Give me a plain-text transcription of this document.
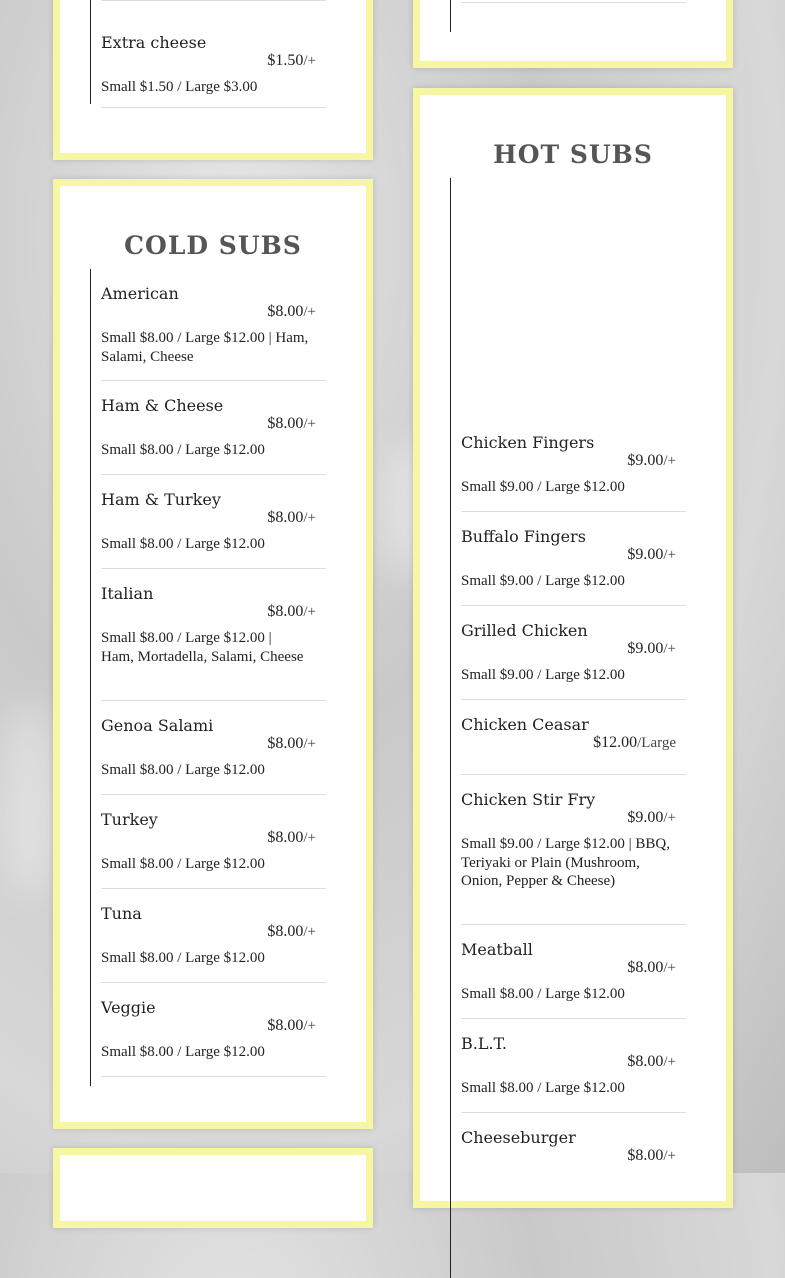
Extra cheese
$1.50/+
Small $1.50 / Large $3.00
COLD SUBS
American
$8.00/+
Small $8.00 / Large $12.00 | Ham, Salami, Cheese
Ham & Cheese
$8.00/+
Small $8.00 / Large $12.00
Ham & Turkey
$8.00/+
Small $8.00 / Large $12.00
Italian
$8.00/+
Small $8.00 / Large $12.00 | Ham, Mortadella, Salami, Cheese
Genoa Salami
$8.00/+
Small $8.00 / Large $12.00
Turkey
$8.00/+
Small $8.00 / Large $12.00
Tuna
$8.00/+
Small $8.00 / Large $12.00
Veggie
$8.00/+
Small $8.00 / Large $12.00
HOT SUBS
Chicken Fingers
$9.00/+
Small $9.00 / Large $12.00
Buffalo Fingers
$9.00/+
Small $9.00 / Large $12.00
Grilled Chicken
$9.00/+
Small $9.00 / Large $12.00
Chicken Ceasar
$12.00/Large
Chicken Stir Fry
$9.00/+
Small $9.00 / Large $12.00 | BBQ, Teriyaki or Plain (Mushroom, Onion, Pepper & Cheese)
Meatball
$8.00/+
Small $8.00 / Large $12.00
B.L.T.
$8.00/+
Small $8.00 / Large $12.00
Cheeseburger
$8.00/+
